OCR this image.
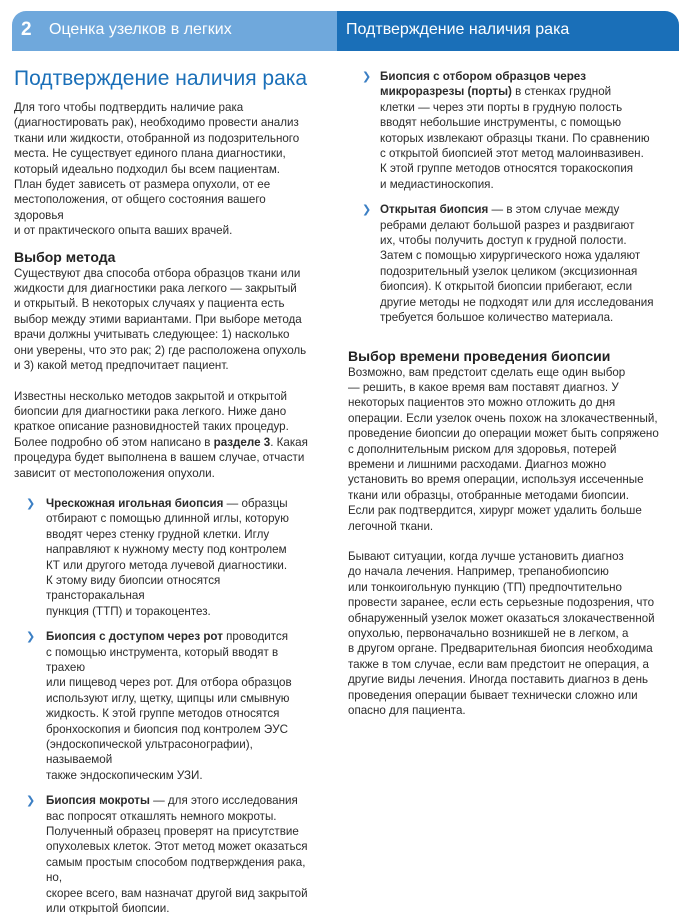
2 Оценка узелков в легких	Подтверждение наличия рака
Подтверждение наличия рака

Для того чтобы подтвердить наличие рака
(диагностировать рак), необходимо провести анализ
ткани или жидкости, отобранной из подозрительного
места. Не существует единого плана диагностики,
который идеально подходил бы всем пациентам.
План будет зависеть от размера опухоли, от ее
местоположения, от общего состояния вашего здоровья
и от практического опыта ваших врачей.

Выбор метода

Существуют два способа отбора образцов ткани или
жидкости для диагностики рака легкого — закрытый
и открытый. В некоторых случаях у пациента есть
выбор между этими вариантами. При выборе метода
врачи должны учитывать следующее: 1) насколько
они уверены, что это рак; 2) где расположена опухоль
и 3) какой метод предпочитает пациент.

Известны несколько методов закрытой и открытой
биопсии для диагностики рака легкого. Ниже дано
краткое описание разновидностей таких процедур.
Более подробно об этом написано в разделе 3. Какая
процедура будет выполнена в вашем случае, отчасти
зависит от местоположения опухоли.

❯ Чрескожная игольная биопсия — образцы
отбирают с помощью длинной иглы, которую
вводят через стенку грудной клетки. Иглу
направляют к нужному месту под контролем
КТ или другого метода лучевой диагностики.
К этому виду биопсии относятся трансторакальная
пункция (ТТП) и торакоцентез.
❯ Биопсия с доступом через рот проводится
с помощью инструмента, который вводят в трахею
или пищевод через рот. Для отбора образцов
используют иглу, щетку, щипцы или смывную
жидкость. К этой группе методов относятся
бронхоскопия и биопсия под контролем ЭУС
(эндоскопической ультрасонографии), называемой
также эндоскопическим УЗИ.
❯ Биопсия мокроты — для этого исследования
вас попросят откашлять немного мокроты.
Полученный образец проверят на присутствие
опухолевых клеток. Этот метод может оказаться
самым простым способом подтверждения рака, но,
скорее всего, вам назначат другой вид закрытой
или открытой биопсии.
❯ Биопсия с отбором образцов через
микроразрезы (порты) в стенках грудной
клетки — через эти порты в грудную полость
вводят небольшие инструменты, с помощью
которых извлекают образцы ткани. По сравнению
с открытой биопсией этот метод малоинвазивен.
К этой группе методов относятся торакоскопия
и медиастиноскопия.
❯ Открытая биопсия — в этом случае между
ребрами делают большой разрез и раздвигают
их, чтобы получить доступ к грудной полости.
Затем с помощью хирургического ножа удаляют
подозрительный узелок целиком (эксцизионная
биопсия). К открытой биопсии прибегают, если
другие методы не подходят или для исследования
требуется большое количество материала.
Выбор времени проведения биопсии

Возможно, вам предстоит сделать еще один выбор
— решить, в какое время вам поставят диагноз. У
некоторых пациентов это можно отложить до дня
операции. Если узелок очень похож на злокачественный,
проведение биопсии до операции может быть сопряжено
с дополнительным риском для здоровья, потерей
времени и лишними расходами. Диагноз можно
установить во время операции, используя иссеченные
ткани или образцы, отобранные методами биопсии.
Если рак подтвердится, хирург может удалить больше
легочной ткани.

Бывают ситуации, когда лучше установить диагноз
до начала лечения. Например, трепанобиопсию
или тонкоигольную пункцию (ТП) предпочтительно
провести заранее, если есть серьезные подозрения, что
обнаруженный узелок может оказаться злокачественной
опухолью, первоначально возникшей не в легком, а
в другом органе. Предварительная биопсия необходима
также в том случае, если вам предстоит не операция, а
другие виды лечения. Иногда поставить диагноз в день
проведения операции бывает технически сложно или
опасно для пациента.
